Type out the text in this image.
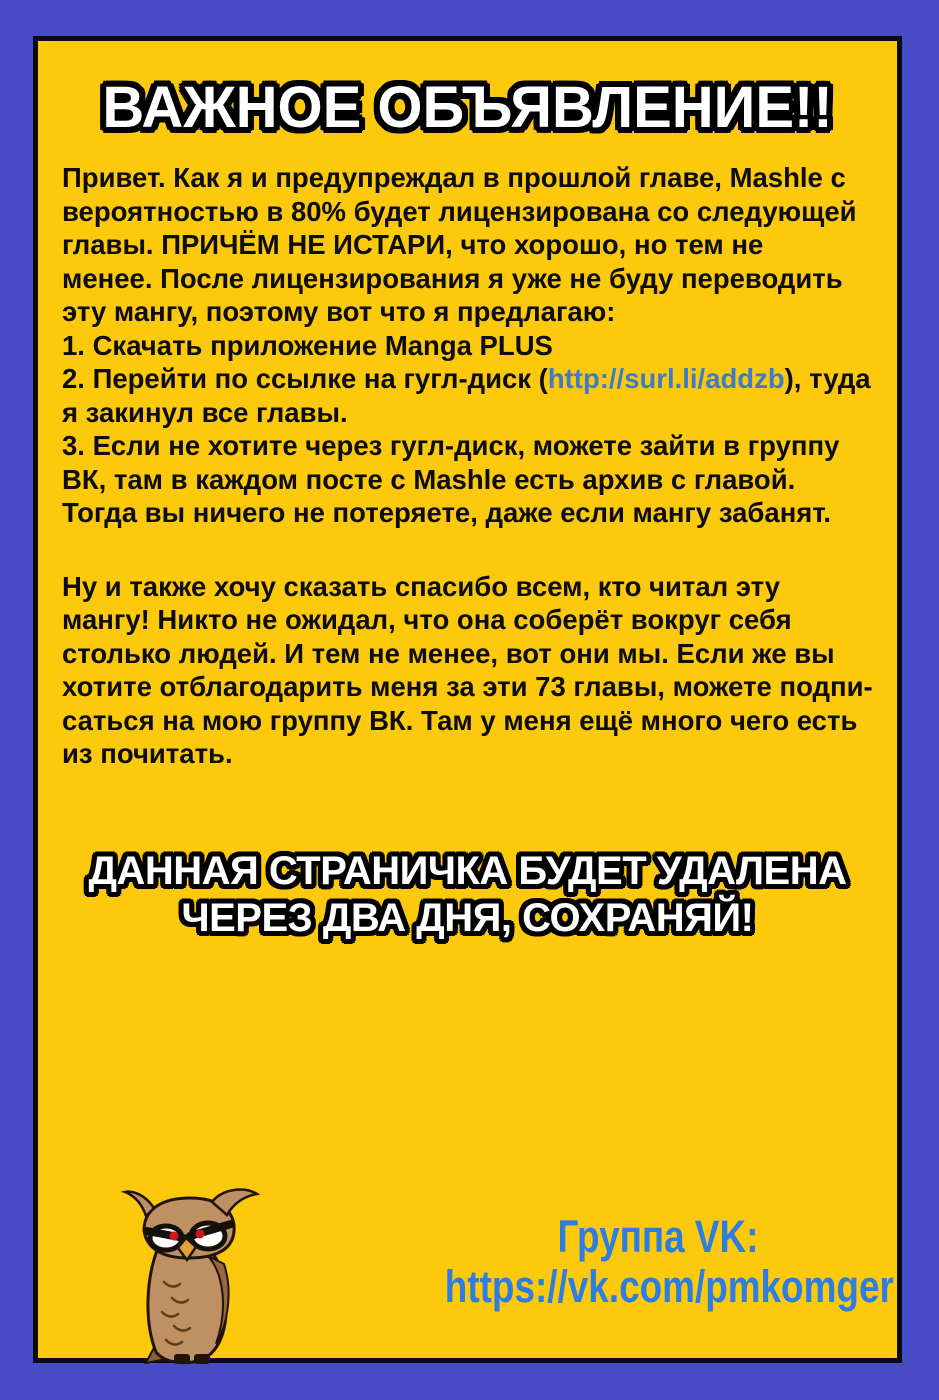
ВАЖНОЕ ОБЪЯВЛЕНИЕ!!
Привет. Как я и предупреждал в прошлой главе, Mashle с
вероятностью в 80% будет лицензирована со следующей
главы. ПРИЧЁМ НЕ ИСТАРИ, что хорошо, но тем не
менее. После лицензирования я уже не буду переводить
эту мангу, поэтому вот что я предлагаю:
1. Скачать приложение Manga PLUS
2. Перейти по ссылке на гугл-диск (http://surl.li/addzb), туда
я закинул все главы.
3. Если не хотите через гугл-диск, можете зайти в группу
ВК, там в каждом посте с Mashle есть архив с главой.
Тогда вы ничего не потеряете, даже если мангу забанят.
Ну и также хочу сказать спасибо всем, кто читал эту
мангу! Никто не ожидал, что она соберёт вокруг себя
столько людей. И тем не менее, вот они мы. Если же вы
хотите отблагодарить меня за эти 73 главы, можете подпи-
саться на мою группу ВК. Там у меня ещё много чего есть
из почитать.
ДАННАЯ СТРАНИЧКА БУДЕТ УДАЛЕНА
ЧЕРЕЗ ДВА ДНЯ, СОХРАНЯЙ!
Группа VK:
https://vk.com/pmkomger
